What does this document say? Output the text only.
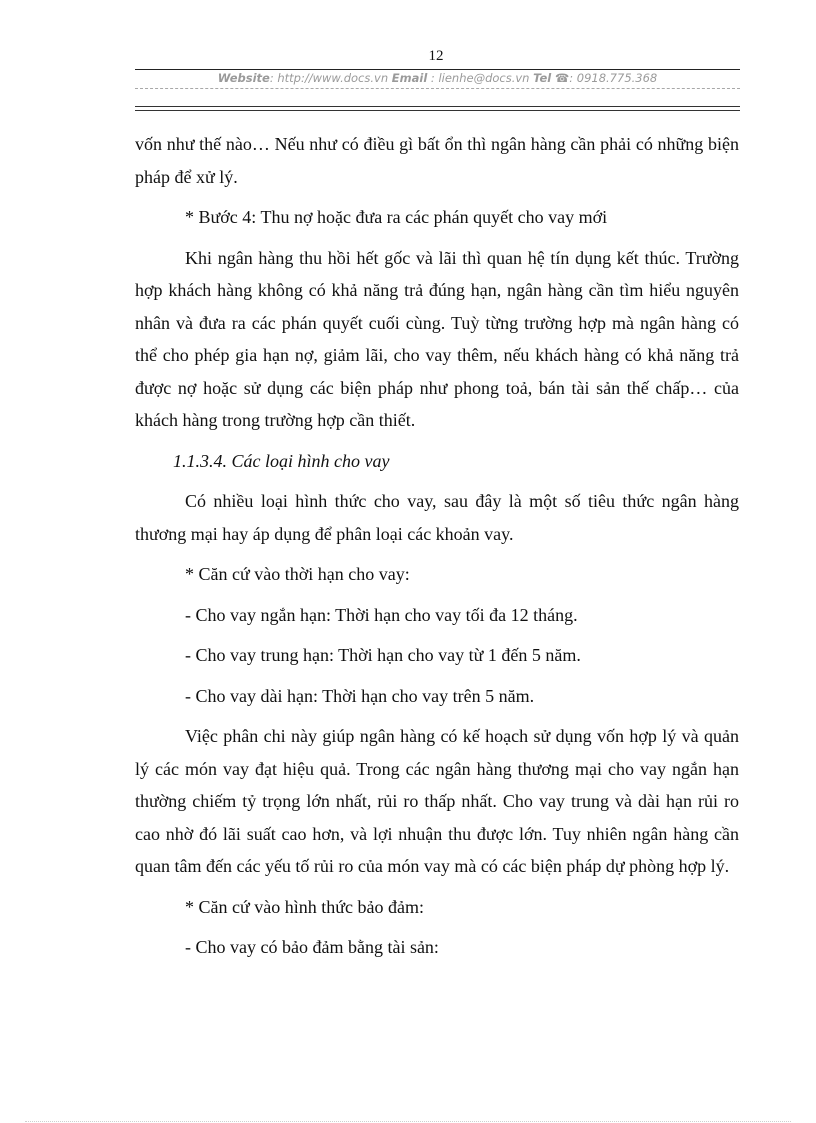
12
Website: http://www.docs.vn Email : lienhe@docs.vn Tel ☎: 0918.775.368

vốn như thế nào… Nếu như có điều gì bất ổn thì ngân hàng cần phải có những biện pháp để xử lý.

* Bước 4: Thu nợ hoặc đưa ra các phán quyết cho vay mới

Khi ngân hàng thu hồi hết gốc và lãi thì quan hệ tín dụng kết thúc. Trường hợp khách hàng không có khả năng trả đúng hạn, ngân hàng cần tìm hiểu nguyên nhân và đưa ra các phán quyết cuối cùng. Tuỳ từng trường hợp mà ngân hàng có thể cho phép gia hạn nợ, giảm lãi, cho vay thêm, nếu khách hàng có khả năng trả được nợ hoặc sử dụng các biện pháp như phong toả, bán tài sản thế chấp… của khách hàng trong trường hợp cần thiết.

1.1.3.4. Các loại hình cho vay

Có nhiều loại hình thức cho vay, sau đây là một số tiêu thức ngân hàng thương mại hay áp dụng để phân loại các khoản vay.

* Căn cứ vào thời hạn cho vay:

- Cho vay ngắn hạn: Thời hạn cho vay tối đa 12 tháng.

- Cho vay trung hạn: Thời hạn cho vay từ 1 đến 5 năm.

- Cho vay dài hạn: Thời hạn cho vay trên 5 năm.

Việc phân chi này giúp ngân hàng có kế hoạch sử dụng vốn hợp lý và quản lý các món vay đạt hiệu quả. Trong các ngân hàng thương mại cho vay ngắn hạn thường chiếm tỷ trọng lớn nhất, rủi ro thấp nhất. Cho vay trung và dài hạn rủi ro cao nhờ đó lãi suất cao hơn, và lợi nhuận thu được lớn. Tuy nhiên ngân hàng cần quan tâm đến các yếu tố rủi ro của món vay mà có các biện pháp dự phòng hợp lý.

* Căn cứ vào hình thức bảo đảm:

- Cho vay có bảo đảm bằng tài sản:
